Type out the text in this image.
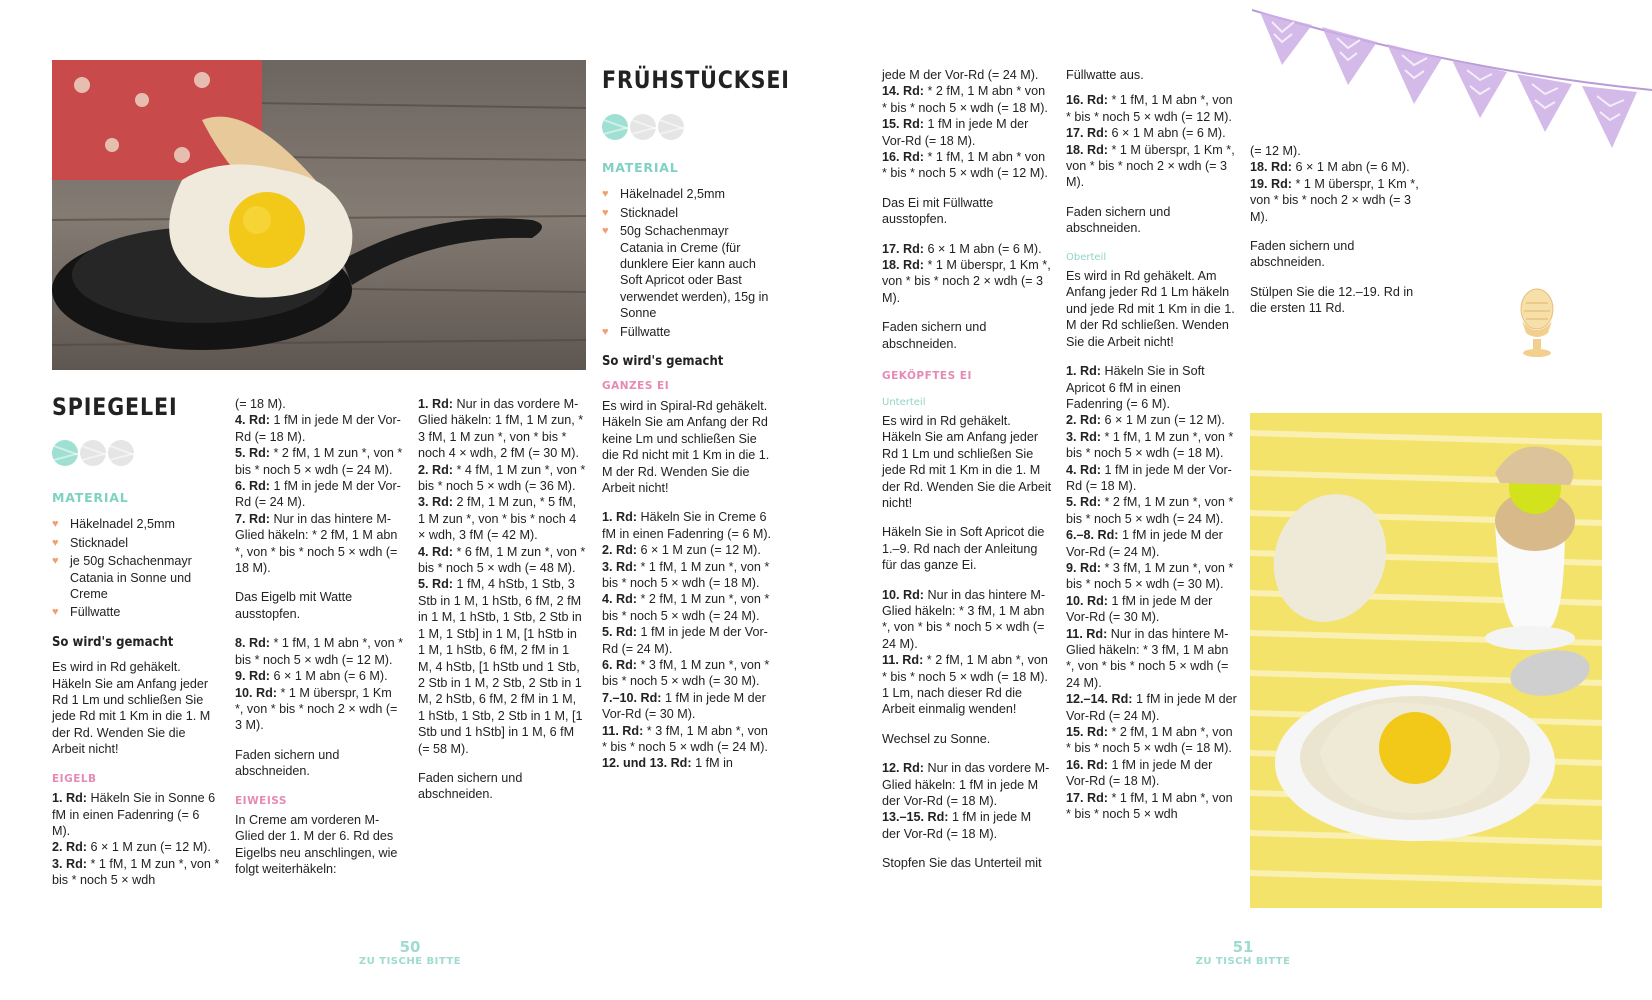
SPIEGELEI
MATERIAL
♥ Häkelnadel 2,5mm
♥ Sticknadel
♥ je 50g Schachenmayr Catania in Sonne und Creme
♥ Füllwatte
So wird's gemacht

Es wird in Rd gehäkelt. Häkeln Sie am Anfang jeder Rd 1 Lm und schließen Sie jede Rd mit 1 Km in die 1. M der Rd. Wenden Sie die Arbeit nicht!

EIGELB
1. Rd: Häkeln Sie in Sonne 6 fM in einen Fadenring (= 6 M).
2. Rd: 6 × 1 M zun (= 12 M).
3. Rd: * 1 fM, 1 M zun *, von * bis * noch 5 × wdh

(= 18 M).

4. Rd: 1 fM in jede M der Vor-Rd (= 18 M).
5. Rd: * 2 fM, 1 M zun *, von * bis * noch 5 × wdh (= 24 M).
6. Rd: 1 fM in jede M der Vor-Rd (= 24 M).
7. Rd: Nur in das hintere M-Glied häkeln: * 2 fM, 1 M abn *, von * bis * noch 5 × wdh (= 18 M).

Das Eigelb mit Watte ausstopfen.

8. Rd: * 1 fM, 1 M abn *, von * bis * noch 5 × wdh (= 12 M).
9. Rd: 6 × 1 M abn (= 6 M).
10. Rd: * 1 M überspr, 1 Km *, von * bis * noch 2 × wdh (= 3 M).

Faden sichern und abschneiden.

EIWEISS

In Creme am vorderen M-Glied der 1. M der 6. Rd des Eigelbs neu anschlingen, wie folgt weiterhäkeln:

1. Rd: Nur in das vordere M-Glied häkeln: 1 fM, 1 M zun, * 3 fM, 1 M zun *, von * bis * noch 4 × wdh, 2 fM (= 30 M).
2. Rd: * 4 fM, 1 M zun *, von * bis * noch 5 × wdh (= 36 M).
3. Rd: 2 fM, 1 M zun, * 5 fM, 1 M zun *, von * bis * noch 4 × wdh, 3 fM (= 42 M).
4. Rd: * 6 fM, 1 M zun *, von * bis * noch 5 × wdh (= 48 M).
5. Rd: 1 fM, 4 hStb, 1 Stb, 3 Stb in 1 M, 1 hStb, 6 fM, 2 fM in 1 M, 1 hStb, 1 Stb, 2 Stb in 1 M, 1 Stb] in 1 M, [1 hStb in 1 M, 1 hStb, 6 fM, 2 fM in 1 M, 4 hStb, [1 hStb und 1 Stb, 2 Stb in 1 M, 2 Stb, 2 Stb in 1 M, 2 hStb, 6 fM, 2 fM in 1 M, 1 hStb, 1 Stb, 2 Stb in 1 M, [1 Stb und 1 hStb] in 1 M, 6 fM (= 58 M).

Faden sichern und abschneiden.

FRÜHSTÜCKSEI
MATERIAL
♥ Häkelnadel 2,5mm
♥ Sticknadel
♥ 50g Schachenmayr Catania in Creme (für dunklere Eier kann auch Soft Apricot oder Bast verwendet werden), 15g in Sonne
♥ Füllwatte
So wird's gemacht
GANZES EI

Es wird in Spiral-Rd gehäkelt. Häkeln Sie am Anfang der Rd keine Lm und schließen Sie die Rd nicht mit 1 Km in die 1. M der Rd. Wenden Sie die Arbeit nicht!

1. Rd: Häkeln Sie in Creme 6 fM in einen Fadenring (= 6 M).
2. Rd: 6 × 1 M zun (= 12 M).
3. Rd: * 1 fM, 1 M zun *, von * bis * noch 5 × wdh (= 18 M).
4. Rd: * 2 fM, 1 M zun *, von * bis * noch 5 × wdh (= 24 M).
5. Rd: 1 fM in jede M der Vor-Rd (= 24 M).
6. Rd: * 3 fM, 1 M zun *, von * bis * noch 5 × wdh (= 30 M).
7.–10. Rd: 1 fM in jede M der Vor-Rd (= 30 M).
11. Rd: * 3 fM, 1 M abn *, von * bis * noch 5 × wdh (= 24 M).
12. und 13. Rd: 1 fM in

jede M der Vor-Rd (= 24 M).

14. Rd: * 2 fM, 1 M abn * von * bis * noch 5 × wdh (= 18 M).
15. Rd: 1 fM in jede M der Vor-Rd (= 18 M).
16. Rd: * 1 fM, 1 M abn * von * bis * noch 5 × wdh (= 12 M).

Das Ei mit Füllwatte ausstopfen.

17. Rd: 6 × 1 M abn (= 6 M).
18. Rd: * 1 M überspr, 1 Km *, von * bis * noch 2 × wdh (= 3 M).

Faden sichern und abschneiden.

GEKÖPFTES EI
Unterteil

Es wird in Rd gehäkelt. Häkeln Sie am Anfang jeder Rd 1 Lm und schließen Sie jede Rd mit 1 Km in die 1. M der Rd. Wenden Sie die Arbeit nicht!

Häkeln Sie in Soft Apricot die 1.–9. Rd nach der Anleitung für das ganze Ei.

10. Rd: Nur in das hintere M-Glied häkeln: * 3 fM, 1 M abn *, von * bis * noch 5 × wdh (= 24 M).
11. Rd: * 2 fM, 1 M abn *, von * bis * noch 5 × wdh (= 18 M). 1 Lm, nach dieser Rd die Arbeit einmalig wenden!

Wechsel zu Sonne.

12. Rd: Nur in das vordere M-Glied häkeln: 1 fM in jede M der Vor-Rd (= 18 M).
13.–15. Rd: 1 fM in jede M der Vor-Rd (= 18 M).

Stopfen Sie das Unterteil mit

Füllwatte aus.

16. Rd: * 1 fM, 1 M abn *, von * bis * noch 5 × wdh (= 12 M).
17. Rd: 6 × 1 M abn (= 6 M).
18. Rd: * 1 M überspr, 1 Km *, von * bis * noch 2 × wdh (= 3 M).

Faden sichern und abschneiden.

Oberteil

Es wird in Rd gehäkelt. Am Anfang jeder Rd 1 Lm häkeln und jede Rd mit 1 Km in die 1. M der Rd schließen. Wenden Sie die Arbeit nicht!

1. Rd: Häkeln Sie in Soft Apricot 6 fM in einen Fadenring (= 6 M).
2. Rd: 6 × 1 M zun (= 12 M).
3. Rd: * 1 fM, 1 M zun *, von * bis * noch 5 × wdh (= 18 M).
4. Rd: 1 fM in jede M der Vor-Rd (= 18 M).
5. Rd: * 2 fM, 1 M zun *, von * bis * noch 5 × wdh (= 24 M).
6.–8. Rd: 1 fM in jede M der Vor-Rd (= 24 M).
9. Rd: * 3 fM, 1 M zun *, von * bis * noch 5 × wdh (= 30 M).
10. Rd: 1 fM in jede M der Vor-Rd (= 30 M).
11. Rd: Nur in das hintere M-Glied häkeln: * 3 fM, 1 M abn *, von * bis * noch 5 × wdh (= 24 M).
12.–14. Rd: 1 fM in jede M der Vor-Rd (= 24 M).
15. Rd: * 2 fM, 1 M abn *, von * bis * noch 5 × wdh (= 18 M).
16. Rd: 1 fM in jede M der Vor-Rd (= 18 M).
17. Rd: * 1 fM, 1 M abn *, von * bis * noch 5 × wdh

(= 12 M).

18. Rd: 6 × 1 M abn (= 6 M).
19. Rd: * 1 M überspr, 1 Km *, von * bis * noch 2 × wdh (= 3 M).

Faden sichern und abschneiden.

Stülpen Sie die 12.–19. Rd in die ersten 11 Rd.

50
ZU TISCHE BITTE
51
ZU TISCH BITTE
